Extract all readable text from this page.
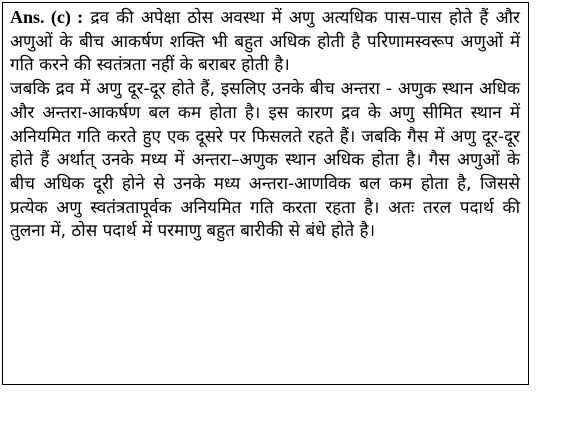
Ans. (c) : द्रव की अपेक्षा ठोस अवस्था में अणु अत्यधिक पास-पास होते हैं और अणुओं के बीच आकर्षण शक्ति भी बहुत अधिक होती है परिणामस्वरूप अणुओं में गति करने की स्वतंत्रता नहीं के बराबर होती है।

जबकि द्रव में अणु दूर-दूर होते हैं, इसलिए उनके बीच अन्तरा - अणुक स्थान अधिक और अन्तरा-आकर्षण बल कम होता है। इस कारण द्रव के अणु सीमित स्थान में अनियमित गति करते हुए एक दूसरे पर फिसलते रहते हैं। जबकि गैस में अणु दूर-दूर होते हैं अर्थात् उनके मध्य में अन्तरा–अणुक स्थान अधिक होता है। गैस अणुओं के बीच अधिक दूरी होने से उनके मध्य अन्तरा-आणविक बल कम होता है, जिससे प्रत्येक अणु स्वतंत्रतापूर्वक अनियमित गति करता रहता है। अतः तरल पदार्थ की तुलना में, ठोस पदार्थ में परमाणु बहुत बारीकी से बंधे होते है।
